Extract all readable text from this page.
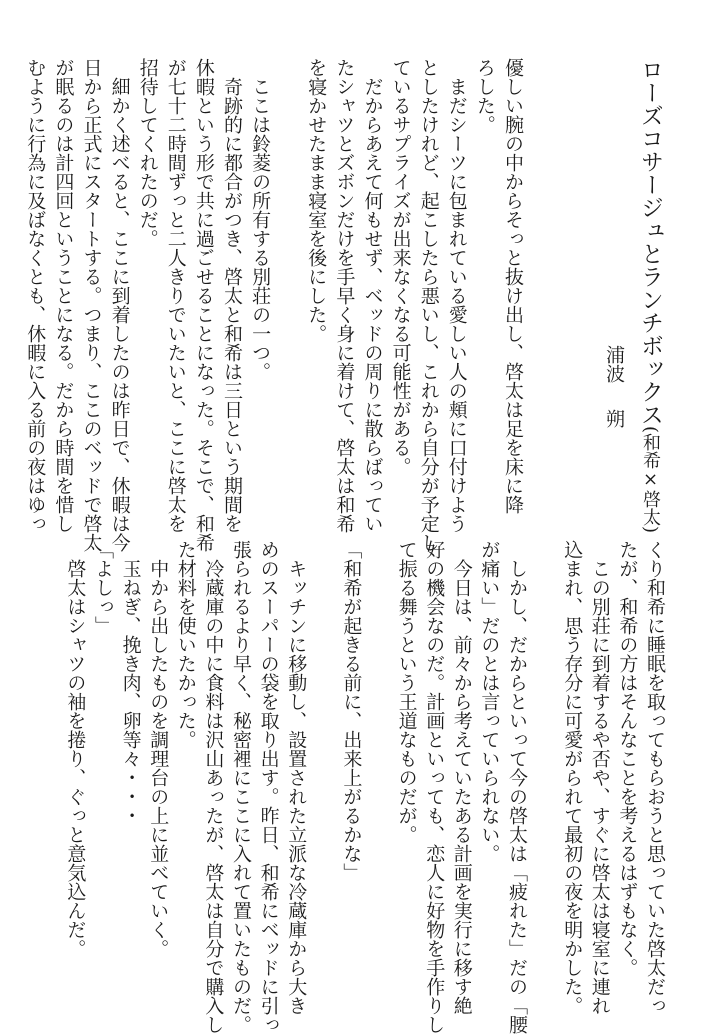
ローズコサージュとランチボックス(和希×啓太)
浦波朔
優しい腕の中からそっと抜け出し、啓太は足を床に降
ろした。
まだシーツに包まれている愛しい人の頬に口付けよう
としたけれど、起こしたら悪いし、これから自分が予定し
ているサプライズが出来なくなる可能性がある。
だからあえて何もせず、ベッドの周りに散らばってい
たシャツとズボンだけを手早く身に着けて、啓太は和希
を寝かせたまま寝室を後にした。
ここは鈴菱の所有する別荘の一つ。
奇跡的に都合がつき、啓太と和希は三日という期間を
休暇という形で共に過ごせることになった。そこで、和希
が七十二時間ずっと二人きりでいたいと、ここに啓太を
招待してくれたのだ。
細かく述べると、ここに到着したのは昨日で、休暇は今
日から正式にスタートする。つまり、ここのベッドで啓太
が眠るのは計四回ということになる。だから時間を惜し
むように行為に及ばなくとも、休暇に入る前の夜はゆっ
くり和希に睡眠を取ってもらおうと思っていた啓太だっ
たが、和希の方はそんなことを考えるはずもなく。
この別荘に到着するや否や、すぐに啓太は寝室に連れ
込まれ、思う存分に可愛がられて最初の夜を明かした。
しかし、だからといって今の啓太は「疲れた」だの「腰
が痛い」だのとは言っていられない。
今日は、前々から考えていたある計画を実行に移す絶
好の機会なのだ。計画といっても、恋人に好物を手作りし
て振る舞うという王道なものだが。
「和希が起きる前に、出来上がるかな」
キッチンに移動し、設置された立派な冷蔵庫から大き
めのスーパーの袋を取り出す。昨日、和希にベッドに引っ
張られるより早く、秘密裡にここに入れて置いたものだ。
冷蔵庫の中に食料は沢山あったが、啓太は自分で購入し
た材料を使いたかった。
中から出したものを調理台の上に並べていく。
玉ねぎ、挽き肉、卵等々・・・
「よしっ」
啓太はシャツの袖を捲り、ぐっと意気込んだ。
